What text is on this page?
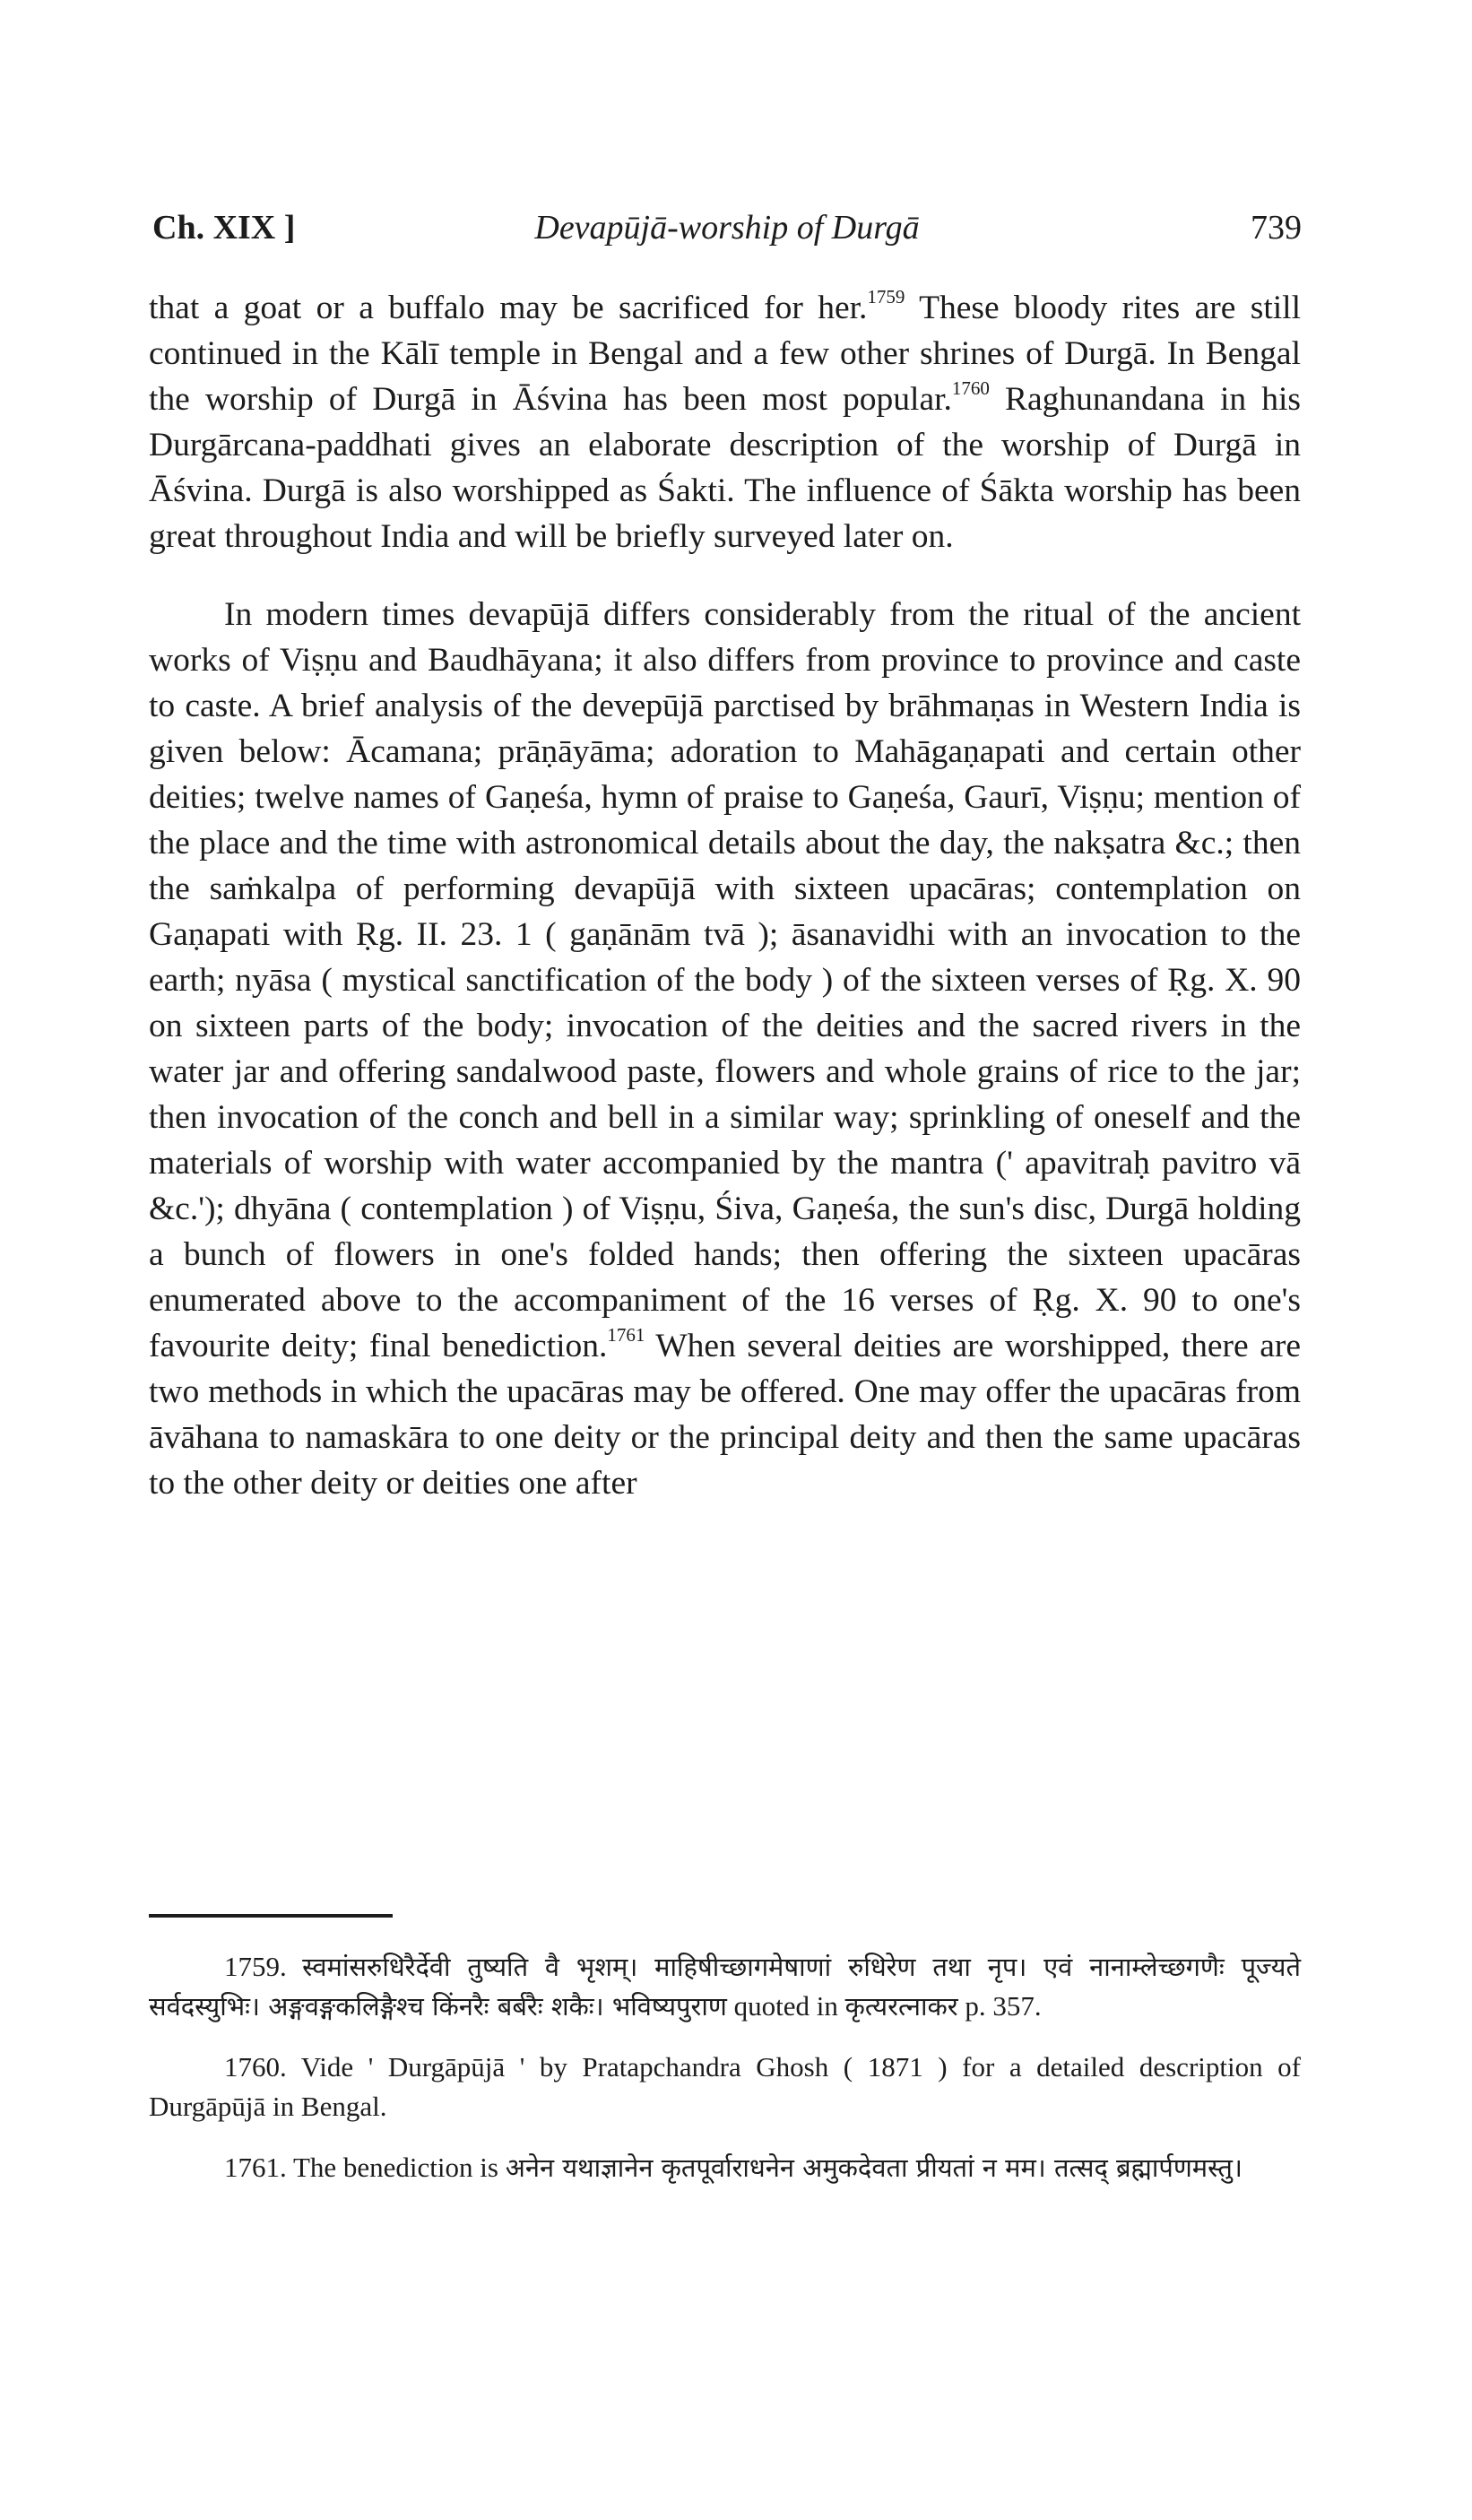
Ch. XIX ]	Devapūjā-worship of Durgā	739

that a goat or a buffalo may be sacrificed for her.$^{1759}$ These bloody rites are still continued in the Kālī temple in Bengal and a few other shrines of Durgā. In Bengal the worship of Durgā in Āśvina has been most popular.$^{1760}$ Raghunandana in his Durgārcana-paddhati gives an elaborate description of the worship of Durgā in Āśvina. Durgā is also worshipped as Śakti. The influence of Śākta worship has been great throughout India and will be briefly surveyed later on.

In modern times devapūjā differs considerably from the ritual of the ancient works of Viṣṇu and Baudhāyana; it also differs from province to province and caste to caste. A brief analysis of the devepūjā parctised by brāhmaṇas in Western India is given below: Ācamana; prāṇāyāma; adoration to Mahāgaṇapati and certain other deities; twelve names of Gaṇeśa, hymn of praise to Gaṇeśa, Gaurī, Viṣṇu; mention of the place and the time with astronomical details about the day, the nakṣatra &c.; then the saṁkalpa of performing devapūjā with sixteen upacāras; contemplation on Gaṇapati with Ṛg. II. 23. 1 ( gaṇānām tvā ); āsanavidhi with an invocation to the earth; nyāsa ( mystical sanctification of the body ) of the sixteen verses of Ṛg. X. 90 on sixteen parts of the body; invocation of the deities and the sacred rivers in the water jar and offering sandalwood paste, flowers and whole grains of rice to the jar; then invocation of the conch and bell in a similar way; sprinkling of oneself and the materials of worship with water accompanied by the mantra (' apavitraḥ pavitro vā &c.'); dhyāna ( contemplation ) of Viṣṇu, Śiva, Gaṇeśa, the sun's disc, Durgā holding a bunch of flowers in one's folded hands; then offering the sixteen upacāras enumerated above to the accompaniment of the 16 verses of Ṛg. X. 90 to one's favourite deity; final benediction.$^{1761}$ When several deities are worshipped, there are two methods in which the upacāras may be offered. One may offer the upacāras from āvāhana to namaskāra to one deity or the principal deity and then the same upacāras to the other deity or deities one after

1759. स्वमांसरुधिरैर्देवी तुष्यति वै भृशम्। माहिषीच्छागमेषाणां रुधिरेण तथा नृप। एवं नानाम्लेच्छगणैः पूज्यते सर्वदस्युभिः। अङ्गवङ्गकलिङ्गैश्च किंनरैः बर्बरैः शकैः। भविष्यपुराण quoted in कृत्यरत्नाकर p. 357.

1760. Vide ' Durgāpūjā ' by Pratapchandra Ghosh ( 1871 ) for a detailed description of Durgāpūjā in Bengal.

1761. The benediction is अनेन यथाज्ञानेन कृतपूर्वाराधनेन अमुकदेवता प्रीयतां न मम। तत्सद् ब्रह्मार्पणमस्तु।
